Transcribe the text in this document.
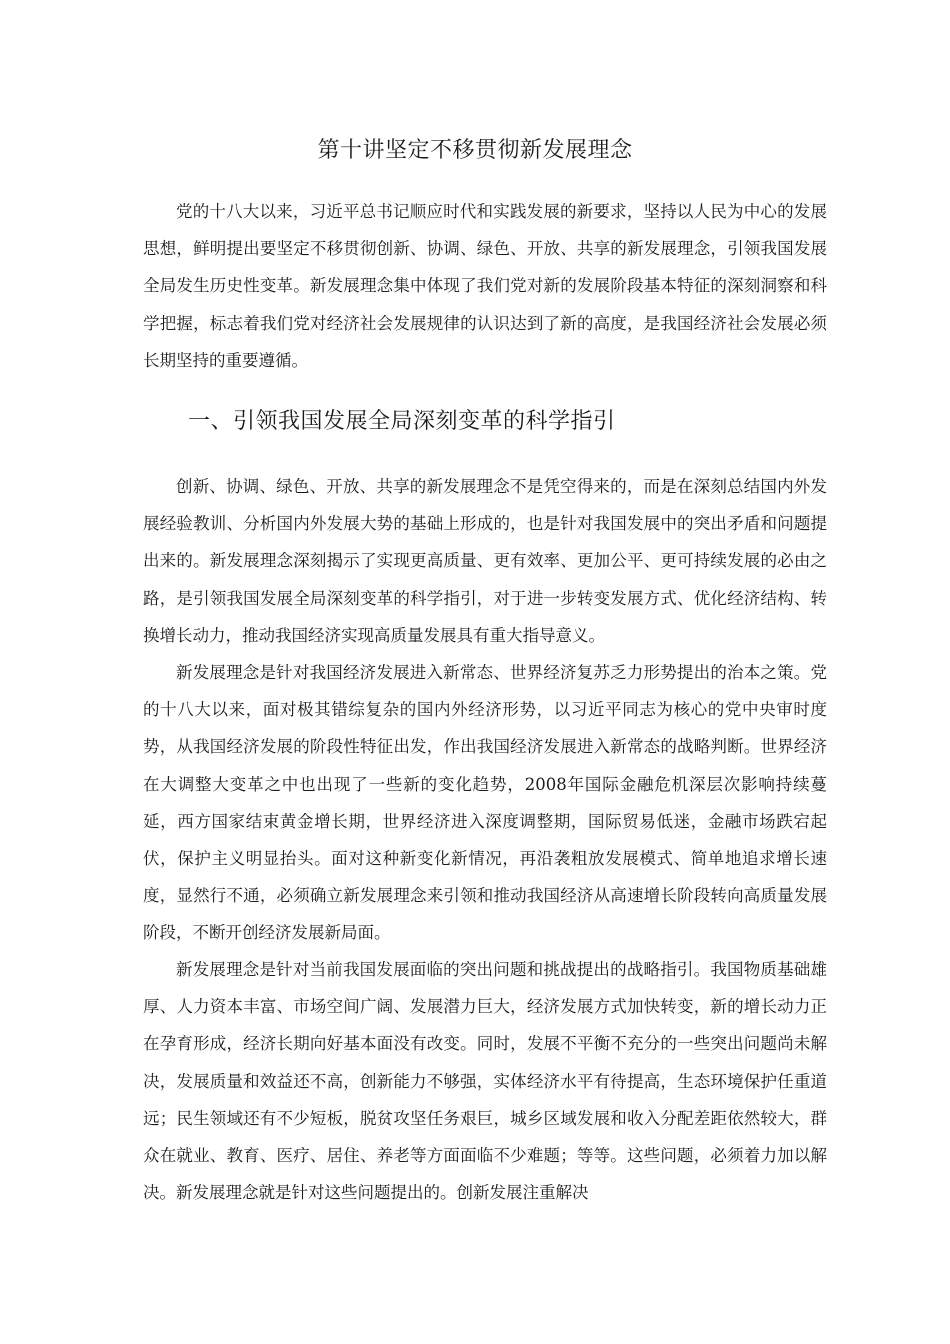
第十讲坚定不移贯彻新发展理念

党的十八大以来，习近平总书记顺应时代和实践发展的新要求，坚持以人民为中心的发展思想，鲜明提出要坚定不移贯彻创新、协调、绿色、开放、共享的新发展理念，引领我国发展全局发生历史性变革。新发展理念集中体现了我们党对新的发展阶段基本特征的深刻洞察和科学把握，标志着我们党对经济社会发展规律的认识达到了新的高度，是我国经济社会发展必须长期坚持的重要遵循。

一、引领我国发展全局深刻变革的科学指引

创新、协调、绿色、开放、共享的新发展理念不是凭空得来的，而是在深刻总结国内外发展经验教训、分析国内外发展大势的基础上形成的，也是针对我国发展中的突出矛盾和问题提出来的。新发展理念深刻揭示了实现更高质量、更有效率、更加公平、更可持续发展的必由之路，是引领我国发展全局深刻变革的科学指引，对于进一步转变发展方式、优化经济结构、转换增长动力，推动我国经济实现高质量发展具有重大指导意义。

新发展理念是针对我国经济发展进入新常态、世界经济复苏乏力形势提出的治本之策。党的十八大以来，面对极其错综复杂的国内外经济形势，以习近平同志为核心的党中央审时度势，从我国经济发展的阶段性特征出发，作出我国经济发展进入新常态的战略判断。世界经济在大调整大变革之中也出现了一些新的变化趋势，2008年国际金融危机深层次影响持续蔓延，西方国家结束黄金增长期，世界经济进入深度调整期，国际贸易低迷，金融市场跌宕起伏，保护主义明显抬头。面对这种新变化新情况，再沿袭粗放发展模式、简单地追求增长速度，显然行不通，必须确立新发展理念来引领和推动我国经济从高速增长阶段转向高质量发展阶段，不断开创经济发展新局面。

新发展理念是针对当前我国发展面临的突出问题和挑战提出的战略指引。我国物质基础雄厚、人力资本丰富、市场空间广阔、发展潜力巨大，经济发展方式加快转变，新的增长动力正在孕育形成，经济长期向好基本面没有改变。同时，发展不平衡不充分的一些突出问题尚未解决，发展质量和效益还不高，创新能力不够强，实体经济水平有待提高，生态环境保护任重道远；民生领域还有不少短板，脱贫攻坚任务艰巨，城乡区域发展和收入分配差距依然较大，群众在就业、教育、医疗、居住、养老等方面面临不少难题；等等。这些问题，必须着力加以解决。新发展理念就是针对这些问题提出的。创新发展注重解决
